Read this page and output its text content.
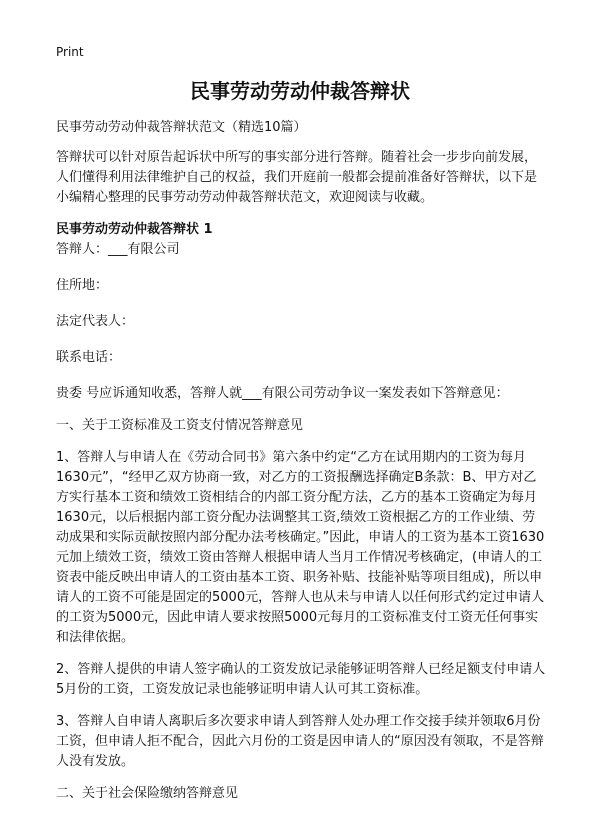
Print
民事劳动劳动仲裁答辩状

民事劳动劳动仲裁答辩状范文（精选10篇）

答辩状可以针对原告起诉状中所写的事实部分进行答辩。随着社会一步步向前发展，人们懂得利用法律维护自己的权益，我们开庭前一般都会提前准备好答辩状，以下是小编精心整理的民事劳动劳动仲裁答辩状范文，欢迎阅读与收藏。

民事劳动劳动仲裁答辩状 1

答辩人：___有限公司

住所地：

法定代表人：

联系电话：

贵委 号应诉通知收悉，答辩人就___有限公司劳动争议一案发表如下答辩意见：

一、关于工资标准及工资支付情况答辩意见

1、答辩人与申请人在《劳动合同书》第六条中约定“乙方在试用期内的工资为每月1630元”，“经甲乙双方协商一致，对乙方的工资报酬选择确定B条款：B、甲方对乙方实行基本工资和绩效工资相结合的内部工资分配方法，乙方的基本工资确定为每月1630元，以后根据内部工资分配办法调整其工资,绩效工资根据乙方的工作业绩、劳动成果和实际贡献按照内部分配办法考核确定。”因此，申请人的工资为基本工资1630元加上绩效工资，绩效工资由答辩人根据申请人当月工作情况考核确定，(申请人的工资表中能反映出申请人的工资由基本工资、职务补贴、技能补贴等项目组成)，所以申请人的工资不可能是固定的5000元，答辩人也从未与申请人以任何形式约定过申请人的工资为5000元，因此申请人要求按照5000元每月的工资标准支付工资无任何事实和法律依据。

2、答辩人提供的申请人签字确认的工资发放记录能够证明答辩人已经足额支付申请人5月份的工资，工资发放记录也能够证明申请人认可其工资标准。

3、答辩人自申请人离职后多次要求申请人到答辩人处办理工作交接手续并领取6月份工资，但申请人拒不配合，因此六月份的工资是因申请人的“原因没有领取，不是答辩人没有发放。

二、关于社会保险缴纳答辩意见
